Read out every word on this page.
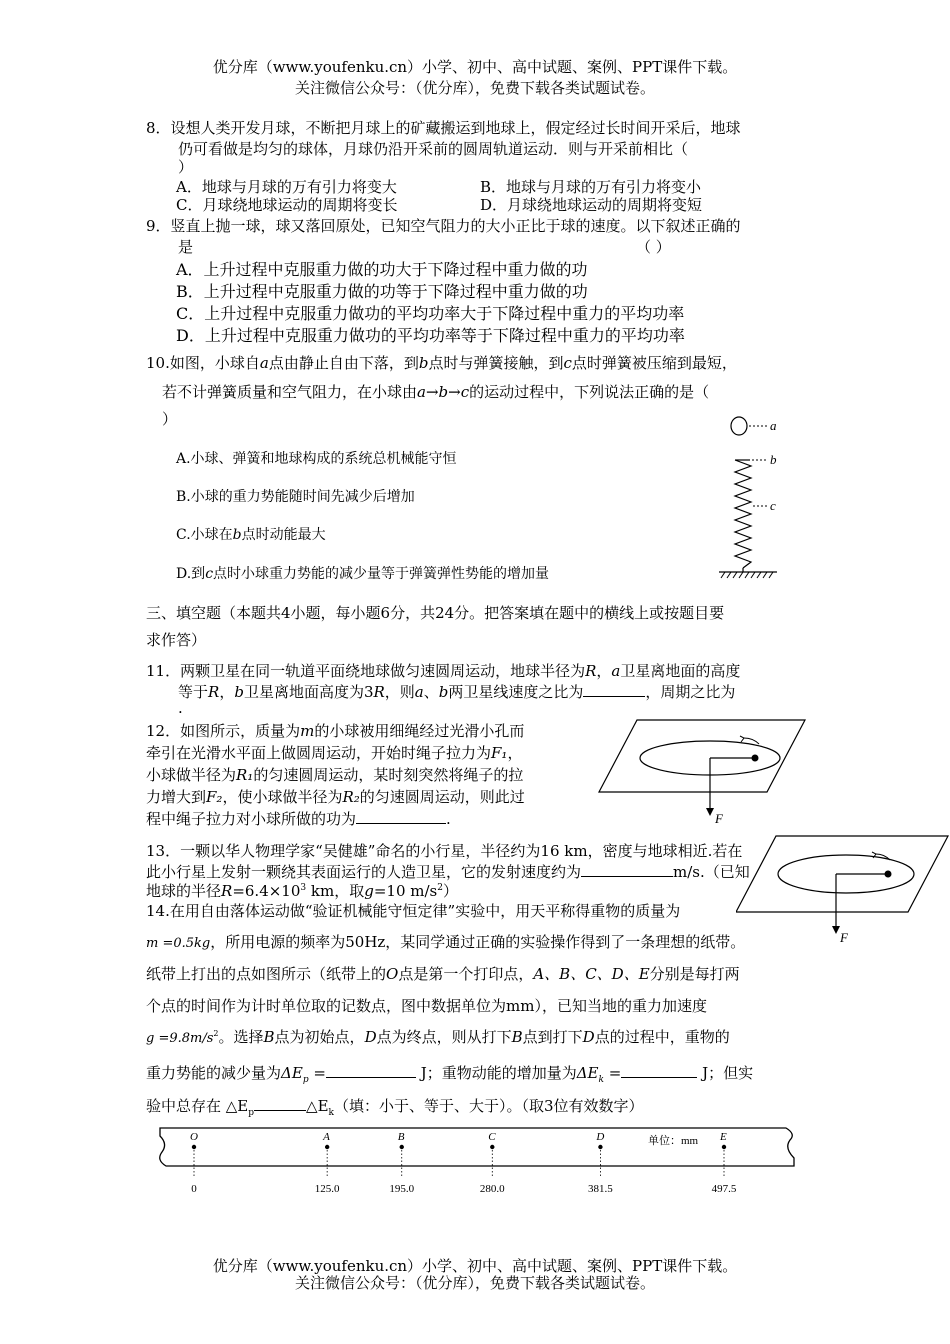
优分库（www.youfenku.cn）小学、初中、高中试题、案例、PPT课件下载。
关注微信公众号：（优分库），免费下载各类试题试卷。
8．设想人类开发月球，不断把月球上的矿藏搬运到地球上，假定经过长时间开采后，地球
仍可看做是均匀的球体，月球仍沿开采前的圆周轨道运动．则与开采前相比（
）
A．地球与月球的万有引力将变大	B．地球与月球的万有引力将变小
C．月球绕地球运动的周期将变长	D．月球绕地球运动的周期将变短
9．竖直上抛一球，球又落回原处，已知空气阻力的大小正比于球的速度。以下叙述正确的
是	（ ）
A．上升过程中克服重力做的功大于下降过程中重力做的功
B．上升过程中克服重力做的功等于下降过程中重力做的功
C．上升过程中克服重力做功的平均功率大于下降过程中重力的平均功率
D．上升过程中克服重力做功的平均功率等于下降过程中重力的平均功率
10.如图，小球自a点由静止自由下落，到b点时与弹簧接触，到c点时弹簧被压缩到最短，
若不计弹簧质量和空气阻力，在小球由a→b→c的运动过程中，下列说法正确的是（
）
A.小球、弹簧和地球构成的系统总机械能守恒
B.小球的重力势能随时间先减少后增加
C.小球在b点时动能最大
D.到c点时小球重力势能的减少量等于弹簧弹性势能的增加量
a
b
c
三、填空题（本题共4小题，每小题6分，共24分。把答案填在题中的横线上或按题目要
求作答）
11．两颗卫星在同一轨道平面绕地球做匀速圆周运动，地球半径为R，a卫星离地面的高度
等于R，b卫星离地面高度为3R，则a、b两卫星线速度之比为	，周期之比为
.
12．如图所示，质量为m的小球被用细绳经过光滑小孔而
牵引在光滑水平面上做圆周运动，开始时绳子拉力为F₁，
小球做半径为R₁的匀速圆周运动，某时刻突然将绳子的拉
力增大到F₂，使小球做半径为R₂的匀速圆周运动，则此过
程中绳子拉力对小球所做的功为	.	F
13．一颗以华人物理学家“吴健雄”命名的小行星，半径约为16 km，密度与地球相近.若在
此小行星上发射一颗绕其表面运行的人造卫星，它的发射速度约为	m/s.（已知
地球的半径$R=6.4\times 10^3$ km，取g=10 $m/s^2$）
F
14.在用自由落体运动做“验证机械能守恒定律”实验中，用天平称得重物的质量为
m =0.5kg，所用电源的频率为50Hz，某同学通过正确的实验操作得到了一条理想的纸带。
纸带上打出的点如图所示（纸带上的O点是第一个打印点，A、B、C、D、E分别是每打两
个点的时间作为计时单位取的记数点，图中数据单位为mm），已知当地的重力加速度
$g =9.8m/s^2$。选择B点为初始点，D点为终点，则从打下B点到打下D点的过程中，重物的
重力势能的减少量为$\Delta E_p$ =	J；重物动能的增加量为$\Delta E_k$ =	J；但实
验中总存在 $\triangle E_p$	$\triangle E_k$（填：小于、等于、大于）。（取3位有效数字）
单位：mm
O
0
A
125.0
B
195.0
C
280.0
D
381.5
E
497.5
优分库（www.youfenku.cn）小学、初中、高中试题、案例、PPT课件下载。
关注微信公众号：（优分库），免费下载各类试题试卷。
